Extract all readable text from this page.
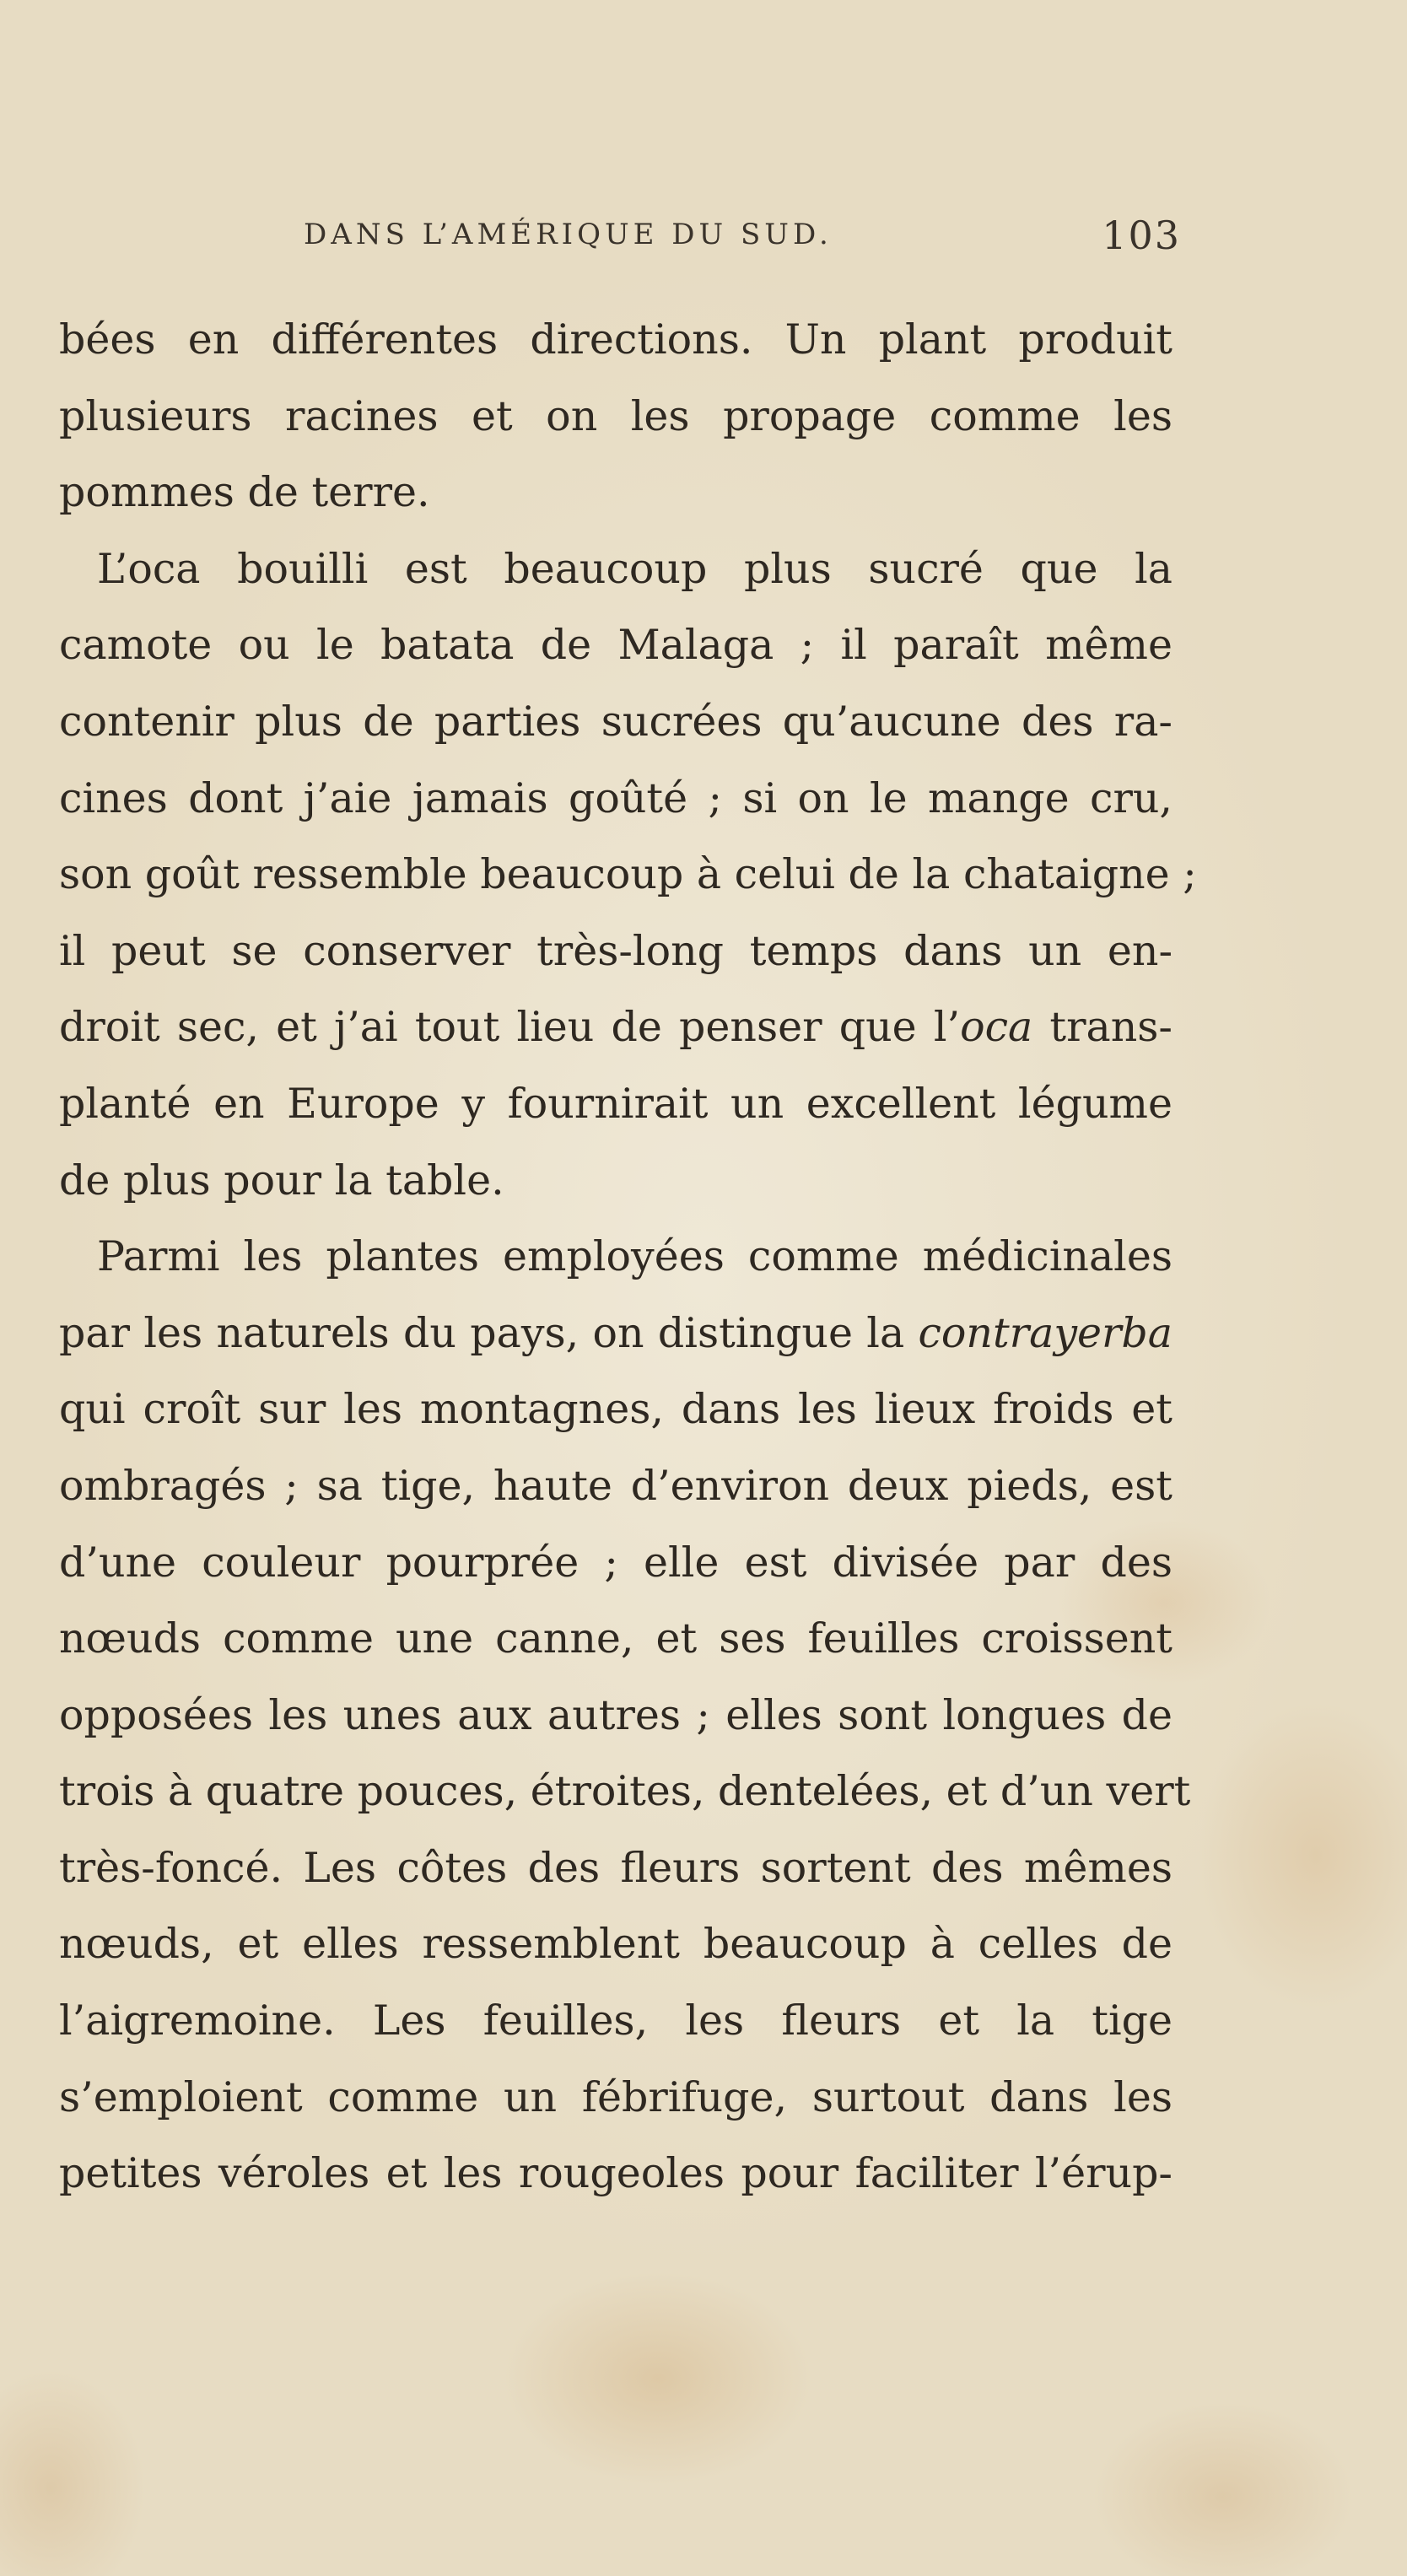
DANS L’AMÉRIQUE DU SUD.	103
bées en différentes directions. Un plant produit
plusieurs racines et on les propage comme les
pommes de terre.
L’oca bouilli est beaucoup plus sucré que la
camote ou le batata de Malaga ; il paraît même
contenir plus de parties sucrées qu’aucune des ra-
cines dont j’aie jamais goûté ; si on le mange cru,
son goût ressemble beaucoup à celui de la chataigne ;
il peut se conserver très-long temps dans un en-
droit sec, et j’ai tout lieu de penser que l’oca trans-
planté en Europe y fournirait un excellent légume
de plus pour la table.
Parmi les plantes employées comme médicinales
par les naturels du pays, on distingue la contrayerba
qui croît sur les montagnes, dans les lieux froids et
ombragés ; sa tige, haute d’environ deux pieds, est
d’une couleur pourprée ; elle est divisée par des
nœuds comme une canne, et ses feuilles croissent
opposées les unes aux autres ; elles sont longues de
trois à quatre pouces, étroites, dentelées, et d’un vert
très-foncé. Les côtes des fleurs sortent des mêmes
nœuds, et elles ressemblent beaucoup à celles de
l’aigremoine. Les feuilles, les fleurs et la tige
s’emploient comme un fébrifuge, surtout dans les
petites véroles et les rougeoles pour faciliter l’érup-
